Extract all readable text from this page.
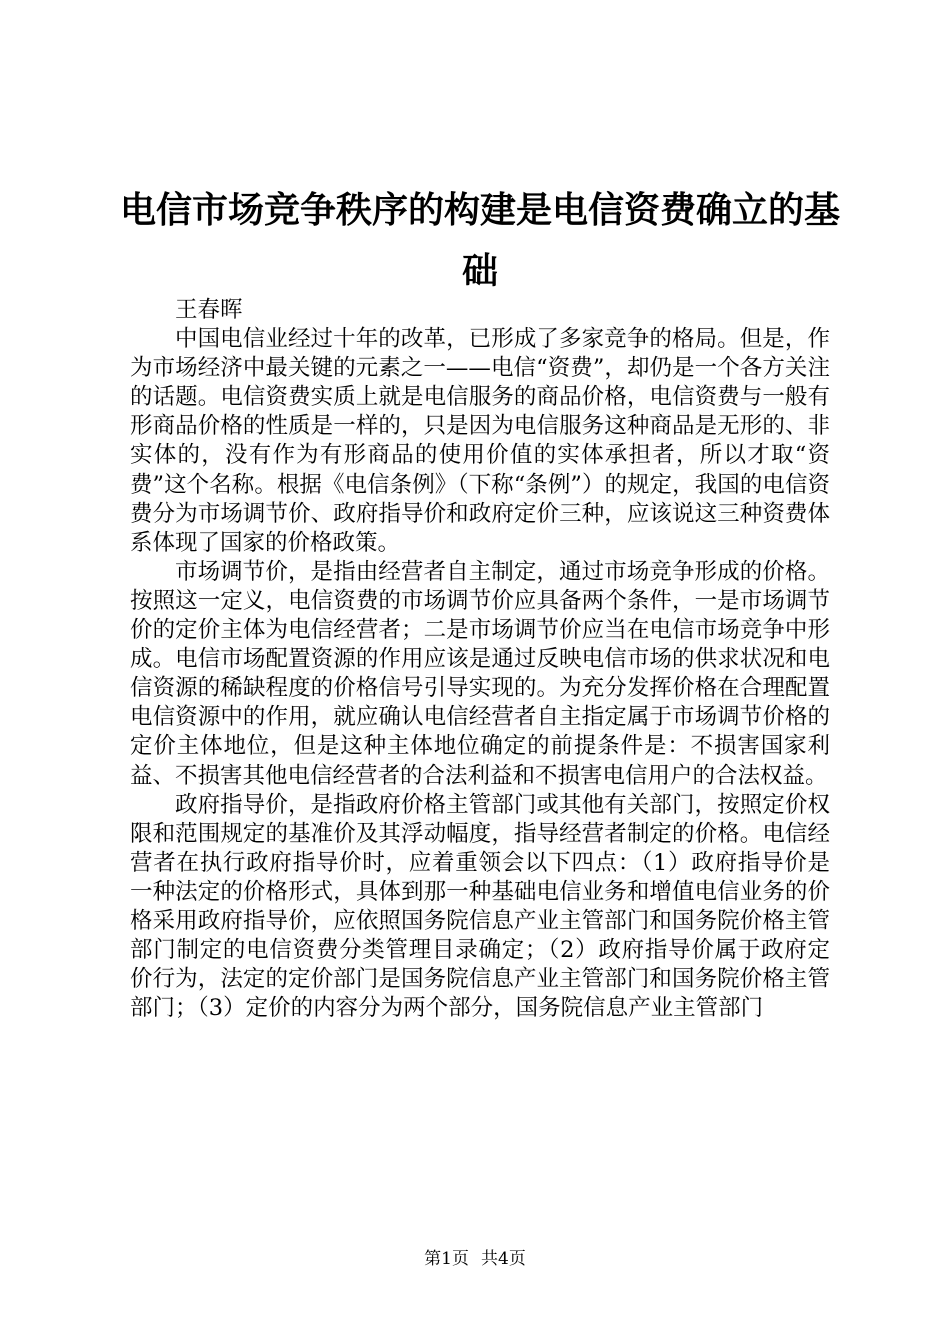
电信市场竞争秩序的构建是电信资费确立的基础

王春晖

中国电信业经过十年的改革，已形成了多家竞争的格局。但是，作为市场经济中最关键的元素之一——电信“资费”，却仍是一个各方关注的话题。电信资费实质上就是电信服务的商品价格，电信资费与一般有形商品价格的性质是一样的，只是因为电信服务这种商品是无形的、非实体的，没有作为有形商品的使用价值的实体承担者，所以才取“资费”这个名称。根据《电信条例》（下称“条例”）的规定，我国的电信资费分为市场调节价、政府指导价和政府定价三种，应该说这三种资费体系体现了国家的价格政策。

市场调节价，是指由经营者自主制定，通过市场竞争形成的价格。按照这一定义，电信资费的市场调节价应具备两个条件，一是市场调节价的定价主体为电信经营者；二是市场调节价应当在电信市场竞争中形成。电信市场配置资源的作用应该是通过反映电信市场的供求状况和电信资源的稀缺程度的价格信号引导实现的。为充分发挥价格在合理配置电信资源中的作用，就应确认电信经营者自主指定属于市场调节价格的定价主体地位，但是这种主体地位确定的前提条件是：不损害国家利益、不损害其他电信经营者的合法利益和不损害电信用户的合法权益。

政府指导价，是指政府价格主管部门或其他有关部门，按照定价权限和范围规定的基准价及其浮动幅度，指导经营者制定的价格。电信经营者在执行政府指导价时，应着重领会以下四点：（1）政府指导价是一种法定的价格形式，具体到那一种基础电信业务和增值电信业务的价格采用政府指导价，应依照国务院信息产业主管部门和国务院价格主管部门制定的电信资费分类管理目录确定；（2）政府指导价属于政府定价行为，法定的定价部门是国务院信息产业主管部门和国务院价格主管部门；（3）定价的内容分为两个部分，国务院信息产业主管部门

第1页 共4页
